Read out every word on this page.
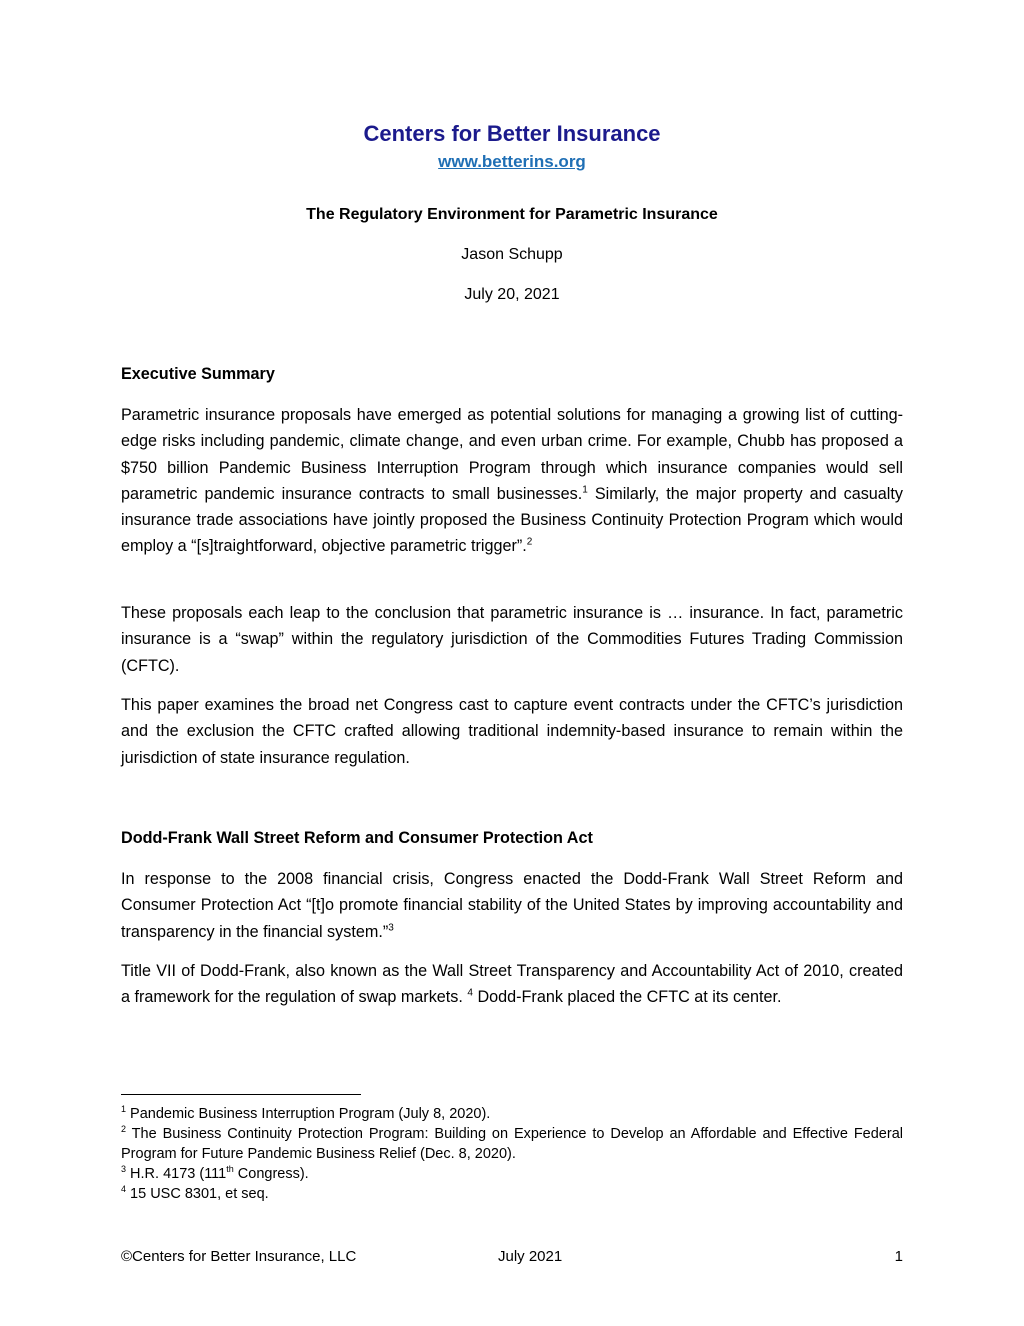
Centers for Better Insurance
www.betterins.org
The Regulatory Environment for Parametric Insurance
Jason Schupp
July 20, 2021
Executive Summary
Parametric insurance proposals have emerged as potential solutions for managing a growing list of cutting-edge risks including pandemic, climate change, and even urban crime. For example, Chubb has proposed a $750 billion Pandemic Business Interruption Program through which insurance companies would sell parametric pandemic insurance contracts to small businesses.$^1$ Similarly, the major property and casualty insurance trade associations have jointly proposed the Business Continuity Protection Program which would employ a “[s]traightforward, objective parametric trigger”.$^2$
These proposals each leap to the conclusion that parametric insurance is … insurance. In fact, parametric insurance is a “swap” within the regulatory jurisdiction of the Commodities Futures Trading Commission (CFTC).
This paper examines the broad net Congress cast to capture event contracts under the CFTC’s jurisdiction and the exclusion the CFTC crafted allowing traditional indemnity-based insurance to remain within the jurisdiction of state insurance regulation.
Dodd-Frank Wall Street Reform and Consumer Protection Act
In response to the 2008 financial crisis, Congress enacted the Dodd-Frank Wall Street Reform and Consumer Protection Act “[t]o promote financial stability of the United States by improving accountability and transparency in the financial system.”$^3$
Title VII of Dodd-Frank, also known as the Wall Street Transparency and Accountability Act of 2010, created a framework for the regulation of swap markets. $^4$ Dodd-Frank placed the CFTC at its center.
$^1$ Pandemic Business Interruption Program (July 8, 2020).
$^2$ The Business Continuity Protection Program: Building on Experience to Develop an Affordable and Effective Federal Program for Future Pandemic Business Relief (Dec. 8, 2020).
$^3$ H.R. 4173 (111th Congress).
$^4$ 15 USC 8301, et seq.
©Centers for Better Insurance, LLC	July 2021	1
